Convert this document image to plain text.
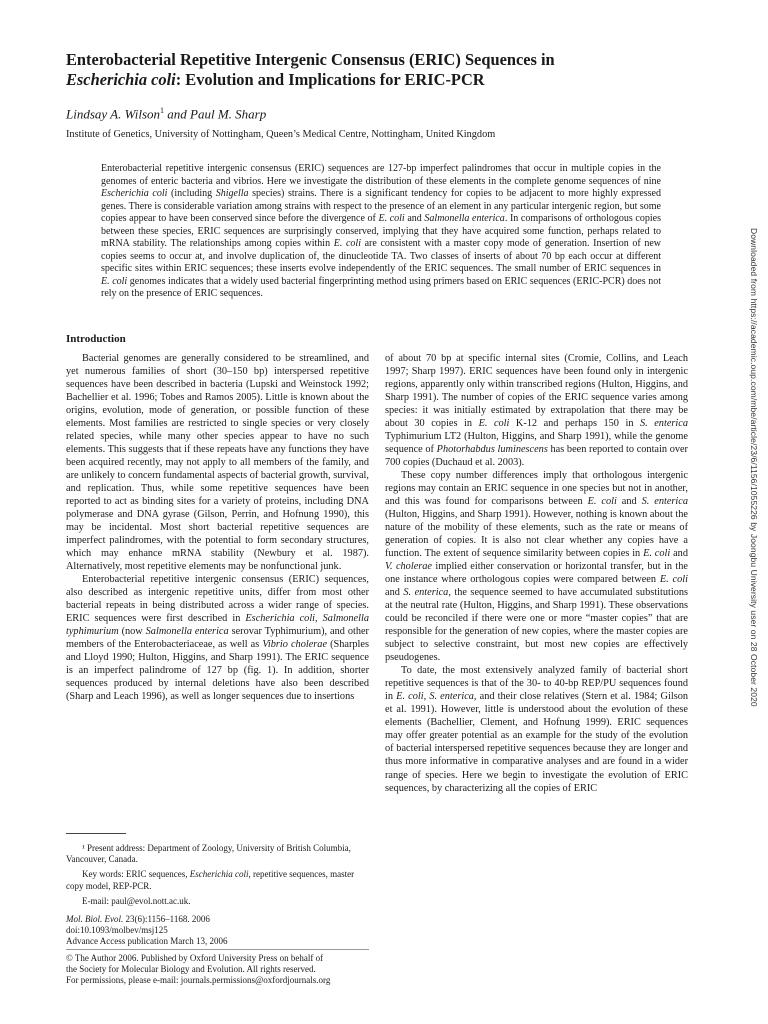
Enterobacterial Repetitive Intergenic Consensus (ERIC) Sequences in
Escherichia coli: Evolution and Implications for ERIC-PCR
Lindsay A. Wilson$^1$ and Paul M. Sharp
Institute of Genetics, University of Nottingham, Queen’s Medical Centre, Nottingham, United Kingdom

Enterobacterial repetitive intergenic consensus (ERIC) sequences are 127-bp imperfect palindromes that occur in multiple copies in the genomes of enteric bacteria and vibrios. Here we investigate the distribution of these elements in the complete genome sequences of nine Escherichia coli (including Shigella species) strains. There is a significant tendency for copies to be adjacent to more highly expressed genes. There is considerable variation among strains with respect to the presence of an element in any particular intergenic region, but some copies appear to have been conserved since before the divergence of E. coli and Salmonella enterica. In comparisons of orthologous copies between these species, ERIC sequences are surprisingly conserved, implying that they have acquired some function, perhaps related to mRNA stability. The relationships among copies within E. coli are consistent with a master copy mode of generation. Insertion of new copies seems to occur at, and involve duplication of, the dinucleotide TA. Two classes of inserts of about 70 bp each occur at different specific sites within ERIC sequences; these inserts evolve independently of the ERIC sequences. The small number of ERIC sequences in E. coli genomes indicates that a widely used bacterial fingerprinting method using primers based on ERIC sequences (ERIC-PCR) does not rely on the presence of ERIC sequences.

Introduction

Bacterial genomes are generally considered to be streamlined, and yet numerous families of short (30–150 bp) interspersed repetitive sequences have been described in bacteria (Lupski and Weinstock 1992; Bachellier et al. 1996; Tobes and Ramos 2005). Little is known about the origins, evolution, mode of generation, or possible function of these elements. Most families are restricted to single species or very closely related species, while many other species appear to have no such elements. This suggests that if these repeats have any functions they have been acquired recently, may not apply to all members of the family, and are unlikely to concern fundamental aspects of bacterial growth, survival, and replication. Thus, while some repetitive sequences have been reported to act as binding sites for a variety of proteins, including DNA polymerase and DNA gyrase (Gilson, Perrin, and Hofnung 1990), this may be incidental. Most short bacterial repetitive sequences are imperfect palindromes, with the potential to form secondary structures, which may enhance mRNA stability (Newbury et al. 1987). Alternatively, most repetitive elements may be nonfunctional junk.

Enterobacterial repetitive intergenic consensus (ERIC) sequences, also described as intergenic repetitive units, differ from most other bacterial repeats in being distributed across a wider range of species. ERIC sequences were first described in Escherichia coli, Salmonella typhimurium (now Salmonella enterica serovar Typhimurium), and other members of the Enterobacteriaceae, as well as Vibrio cholerae (Sharples and Lloyd 1990; Hulton, Higgins, and Sharp 1991). The ERIC sequence is an imperfect palindrome of 127 bp (fig. 1). In addition, shorter sequences produced by internal deletions have also been described (Sharp and Leach 1996), as well as longer sequences due to insertions

¹ Present address: Department of Zoology, University of British Columbia, Vancouver, Canada.

Key words: ERIC sequences, Escherichia coli, repetitive sequences, master copy model, REP-PCR.

E-mail: paul@evol.nott.ac.uk.

Mol. Biol. Evol. 23(6):1156–1168. 2006
doi:10.1093/molbev/msj125
Advance Access publication March 13, 2006
© The Author 2006. Published by Oxford University Press on behalf of
the Society for Molecular Biology and Evolution. All rights reserved.
For permissions, please e-mail: journals.permissions@oxfordjournals.org

of about 70 bp at specific internal sites (Cromie, Collins, and Leach 1997; Sharp 1997). ERIC sequences have been found only in intergenic regions, apparently only within transcribed regions (Hulton, Higgins, and Sharp 1991). The number of copies of the ERIC sequence varies among species: it was initially estimated by extrapolation that there may be about 30 copies in E. coli K-12 and perhaps 150 in S. enterica Typhimurium LT2 (Hulton, Higgins, and Sharp 1991), while the genome sequence of Photorhabdus luminescens has been reported to contain over 700 copies (Duchaud et al. 2003).

These copy number differences imply that orthologous intergenic regions may contain an ERIC sequence in one species but not in another, and this was found for comparisons between E. coli and S. enterica (Hulton, Higgins, and Sharp 1991). However, nothing is known about the nature of the mobility of these elements, such as the rate or means of generation of copies. It is also not clear whether any copies have a function. The extent of sequence similarity between copies in E. coli and V. cholerae implied either conservation or horizontal transfer, but in the one instance where orthologous copies were compared between E. coli and S. enterica, the sequence seemed to have accumulated substitutions at the neutral rate (Hulton, Higgins, and Sharp 1991). These observations could be reconciled if there were one or more “master copies” that are responsible for the generation of new copies, where the master copies are subject to selective constraint, but most new copies are effectively pseudogenes.

To date, the most extensively analyzed family of bacterial short repetitive sequences is that of the 30- to 40-bp REP/PU sequences found in E. coli, S. enterica, and their close relatives (Stern et al. 1984; Gilson et al. 1991). However, little is understood about the evolution of these elements (Bachellier, Clement, and Hofnung 1999). ERIC sequences may offer greater potential as an example for the study of the evolution of bacterial interspersed repetitive sequences because they are longer and thus more informative in comparative analyses and are found in a wider range of species. Here we begin to investigate the evolution of ERIC sequences, by characterizing all the copies of ERIC

Downloaded from https://academic.oup.com/mbe/article/23/6/1156/1055226 by Joongbu University user on 28 October 2020
